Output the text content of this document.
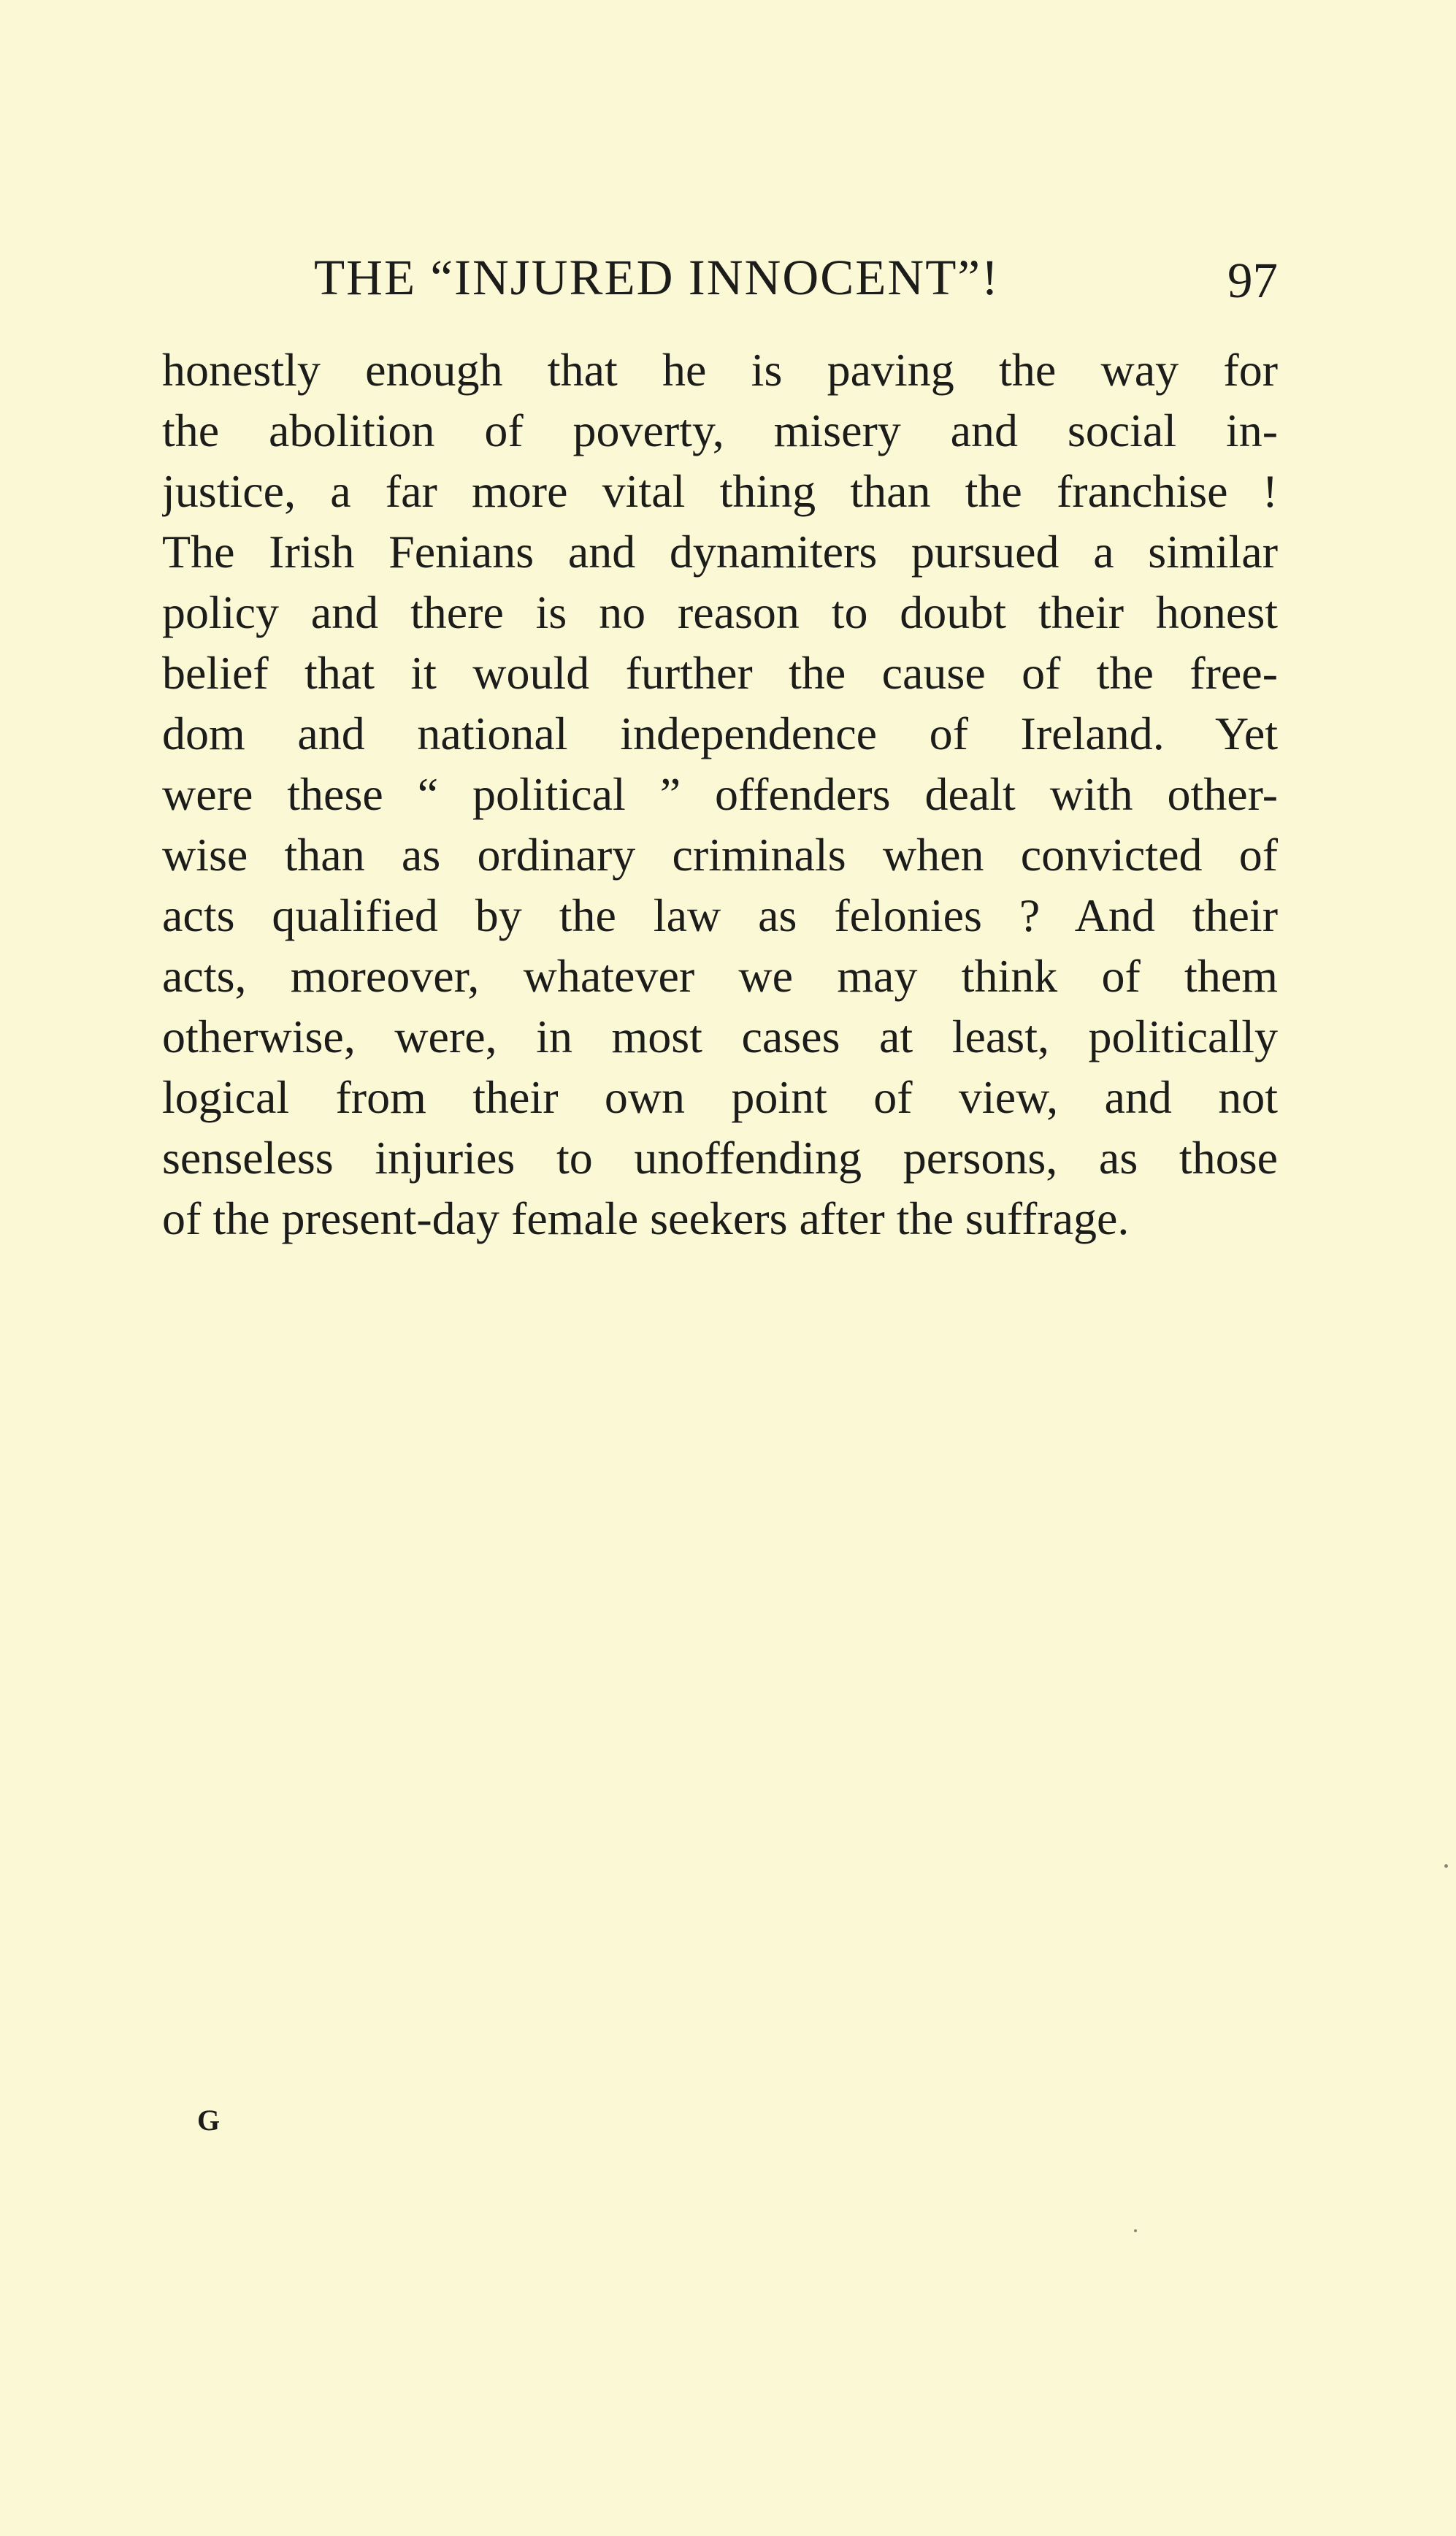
THE “INJURED INNOCENT”!	97
honestly enough that he is paving the way for
the abolition of poverty, misery and social in-
justice, a far more vital thing than the franchise !
The Irish Fenians and dynamiters pursued a similar
policy and there is no reason to doubt their honest
belief that it would further the cause of the free-
dom and national independence of Ireland. Yet
were these “ political ” offenders dealt with other-
wise than as ordinary criminals when convicted of
acts qualified by the law as felonies ? And their
acts, moreover, whatever we may think of them
otherwise, were, in most cases at least, politically
logical from their own point of view, and not
senseless injuries to unoffending persons, as those
of the present-day female seekers after the suffrage.
G
